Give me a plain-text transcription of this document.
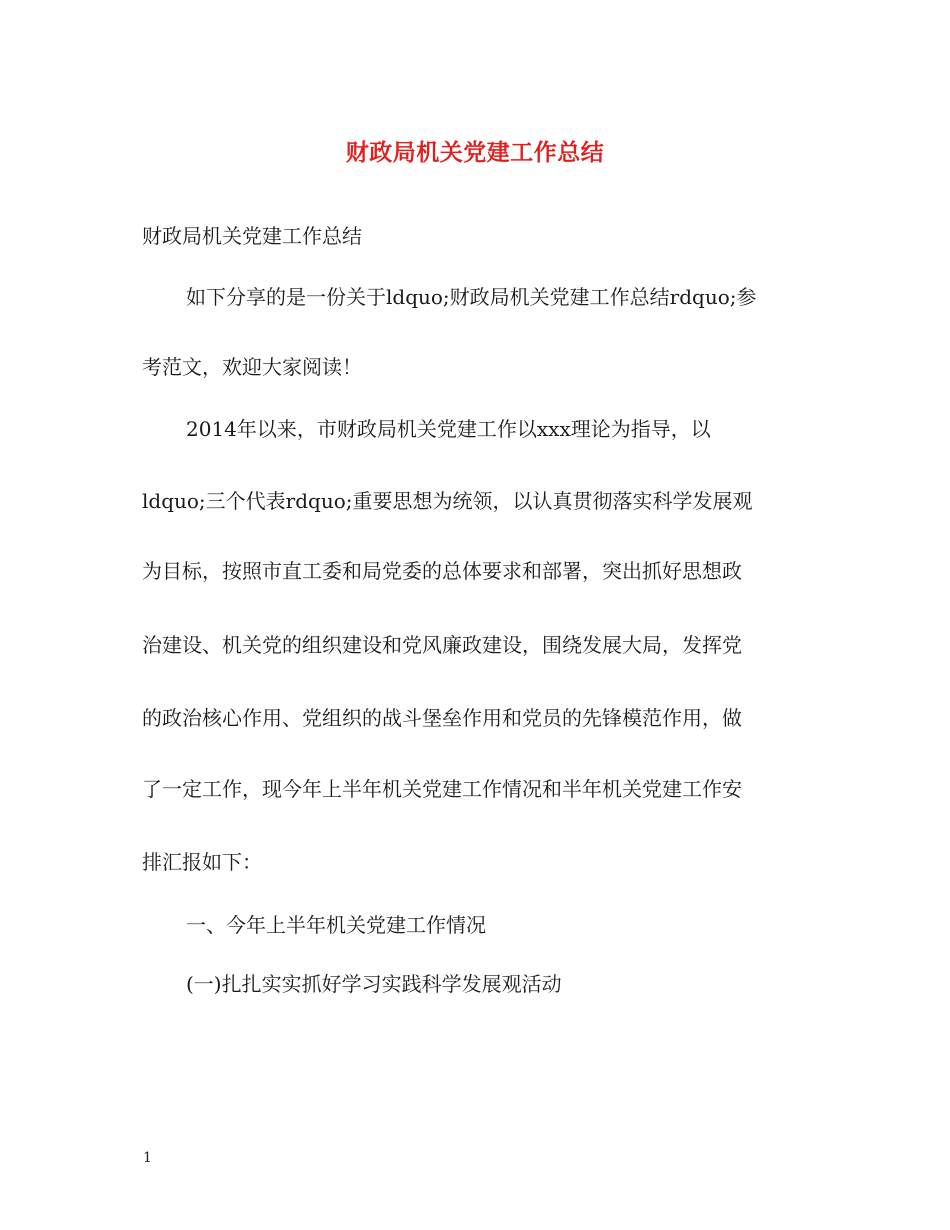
财政局机关党建工作总结
财政局机关党建工作总结
如下分享的是一份关于ldquo;财政局机关党建工作总结rdquo;参
考范文，欢迎大家阅读！
2014年以来，市财政局机关党建工作以xxx理论为指导，以
ldquo;三个代表rdquo;重要思想为统领，以认真贯彻落实科学发展观
为目标，按照市直工委和局党委的总体要求和部署，突出抓好思想政
治建设、机关党的组织建设和党风廉政建设，围绕发展大局，发挥党
的政治核心作用、党组织的战斗堡垒作用和党员的先锋模范作用，做
了一定工作，现今年上半年机关党建工作情况和半年机关党建工作安
排汇报如下：
一、今年上半年机关党建工作情况
(一)扎扎实实抓好学习实践科学发展观活动
1
